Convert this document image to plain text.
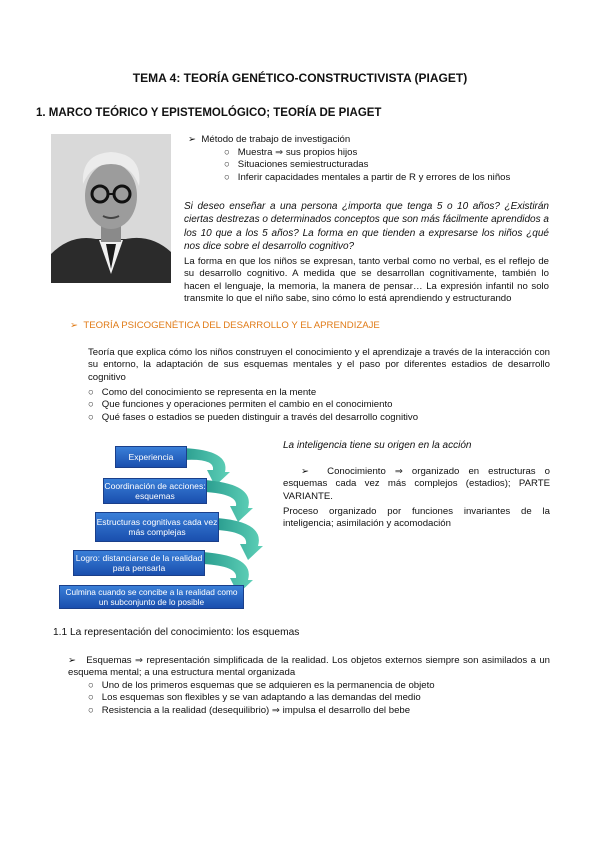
TEMA 4: TEORÍA GENÉTICO-CONSTRUCTIVISTA (PIAGET)
1. MARCO TEÓRICO Y EPISTEMOLÓGICO; TEORÍA DE PIAGET
➢ Método de trabajo de investigación
○ Muestra ⇒ sus propios hijos
○ Situaciones semiestructuradas
○ Inferir capacidades mentales a partir de R y errores de los niños
Si deseo enseñar a una persona ¿importa que tenga 5 o 10 años? ¿Existirán ciertas destrezas o determinados conceptos que son más fácilmente aprendidos a los 10 que a los 5 años? La forma en que tienden a expresarse los niños ¿qué nos dice sobre el desarrollo cognitivo?
La forma en que los niños se expresan, tanto verbal como no verbal, es el reflejo de su desarrollo cognitivo. A medida que se desarrollan cognitivamente, también lo hacen el lenguaje, la memoria, la manera de pensar… La expresión infantil no solo transmite lo que el niño sabe, sino cómo lo está aprendiendo y estructurando
➢ TEORÍA PSICOGENÉTICA DEL DESARROLLO Y EL APRENDIZAJE
Teoría que explica cómo los niños construyen el conocimiento y el aprendizaje a través de la interacción con su entorno, la adaptación de sus esquemas mentales y el paso por diferentes estadios de desarrollo cognitivo
○ Como del conocimiento se representa en la mente
○ Que funciones y operaciones permiten el cambio en el conocimiento
○ Qué fases o estadios se pueden distinguir a través del desarrollo cognitivo
Experiencia
Coordinación de acciones: esquemas
Estructuras cognitivas cada vez más complejas
Logro: distanciarse de la realidad para pensarla
Culmina cuando se concibe a la realidad como un subconjunto de lo posible
La inteligencia tiene su origen en la acción
➢ Conocimiento ⇒ organizado en estructuras o esquemas cada vez más complejos (estadios); PARTE VARIANTE.
Proceso organizado por funciones invariantes de la inteligencia; asimilación y acomodación
1.1 La representación del conocimiento: los esquemas
➢ Esquemas ⇒ representación simplificada de la realidad. Los objetos externos siempre son asimilados a un esquema mental; a una estructura mental organizada
○ Uno de los primeros esquemas que se adquieren es la permanencia de objeto
○ Los esquemas son flexibles y se van adaptando a las demandas del medio
○ Resistencia a la realidad (desequilibrio) ⇒ impulsa el desarrollo del bebe
